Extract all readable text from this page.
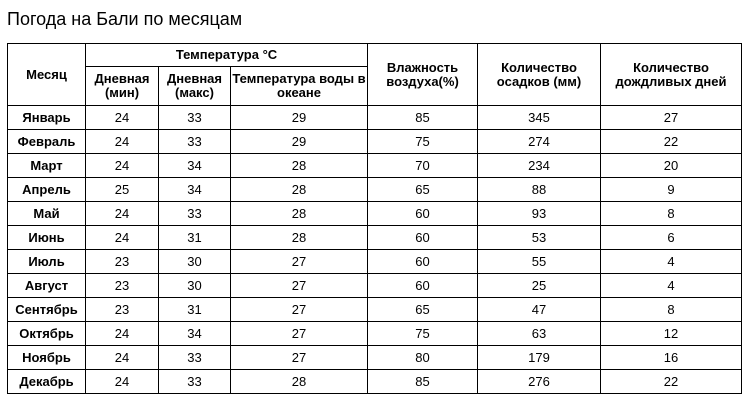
Погода на Бали по месяцам
Месяц	Температура °C			Влажность воздуха(%)	Количество осадков (мм)	Количество дождливых дней
	Дневная (мин)	Дневная (макс)	Температура воды в океане			
Январь	24	33	29	85	345	27
Февраль	24	33	29	75	274	22
Март	24	34	28	70	234	20
Апрель	25	34	28	65	88	9
Май	24	33	28	60	93	8
Июнь	24	31	28	60	53	6
Июль	23	30	27	60	55	4
Август	23	30	27	60	25	4
Сентябрь	23	31	27	65	47	8
Октябрь	24	34	27	75	63	12
Ноябрь	24	33	27	80	179	16
Декабрь	24	33	28	85	276	22
